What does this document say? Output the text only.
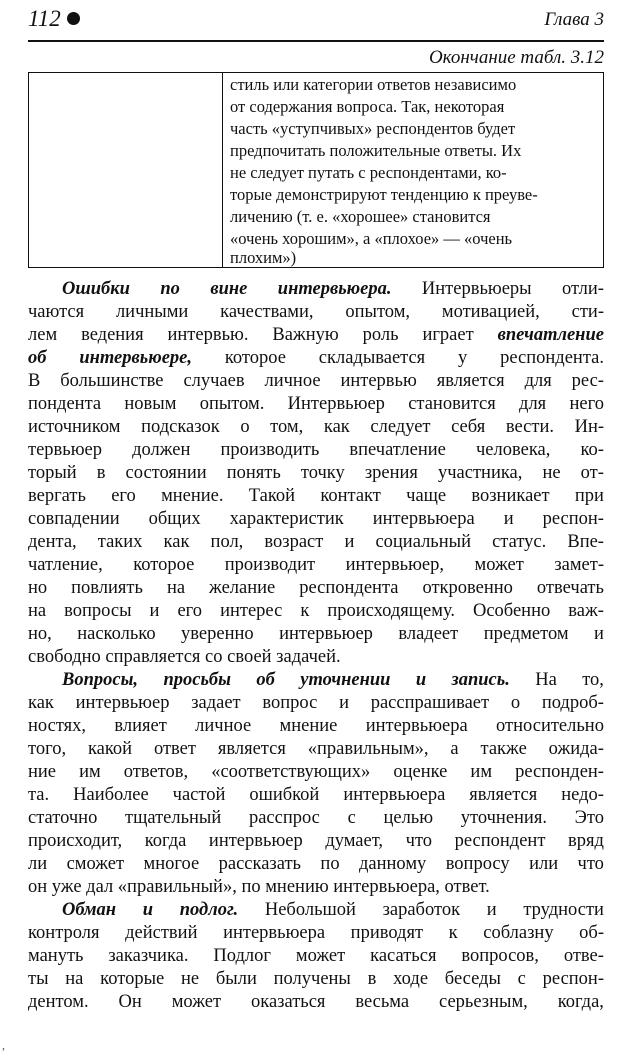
112	Глава 3
Окончание табл. 3.12
стиль или категории ответов независимо
от содержания вопроса. Так, некоторая
часть «уступчивых» респондентов будет
предпочитать положительные ответы. Их
не следует путать с респондентами, ко-
торые демонстрируют тенденцию к преуве-
личению (т. е. «хорошее» становится
«очень хорошим», а «плохое» — «очень
плохим»)
Ошибки по вине интервьюера. Интервьюеры отли-
чаются личными качествами, опытом, мотивацией, сти-
лем ведения интервью. Важную роль играет впечатление
об интервьюере, которое складывается у респондента.
В большинстве случаев личное интервью является для рес-
пондента новым опытом. Интервьюер становится для него
источником подсказок о том, как следует себя вести. Ин-
тервьюер должен производить впечатление человека, ко-
торый в состоянии понять точку зрения участника, не от-
вергать его мнение. Такой контакт чаще возникает при
совпадении общих характеристик интервьюера и респон-
дента, таких как пол, возраст и социальный статус. Впе-
чатление, которое производит интервьюер, может замет-
но повлиять на желание респондента откровенно отвечать
на вопросы и его интерес к происходящему. Особенно важ-
но, насколько уверенно интервьюер владеет предметом и
свободно справляется со своей задачей.
Вопросы, просьбы об уточнении и запись. На то,
как интервьюер задает вопрос и расспрашивает о подроб-
ностях, влияет личное мнение интервьюера относительно
того, какой ответ является «правильным», а также ожида-
ние им ответов, «соответствующих» оценке им респонден-
та. Наиболее частой ошибкой интервьюера является недо-
статочно тщательный расспрос с целью уточнения. Это
происходит, когда интервьюер думает, что респондент вряд
ли сможет многое рассказать по данному вопросу или что
он уже дал «правильный», по мнению интервьюера, ответ.
Обман и подлог. Небольшой заработок и трудности
контроля действий интервьюера приводят к соблазну об-
мануть заказчика. Подлог может касаться вопросов, отве-
ты на которые не были получены в ходе беседы с респон-
дентом. Он может оказаться весьма серьезным, когда,
,
